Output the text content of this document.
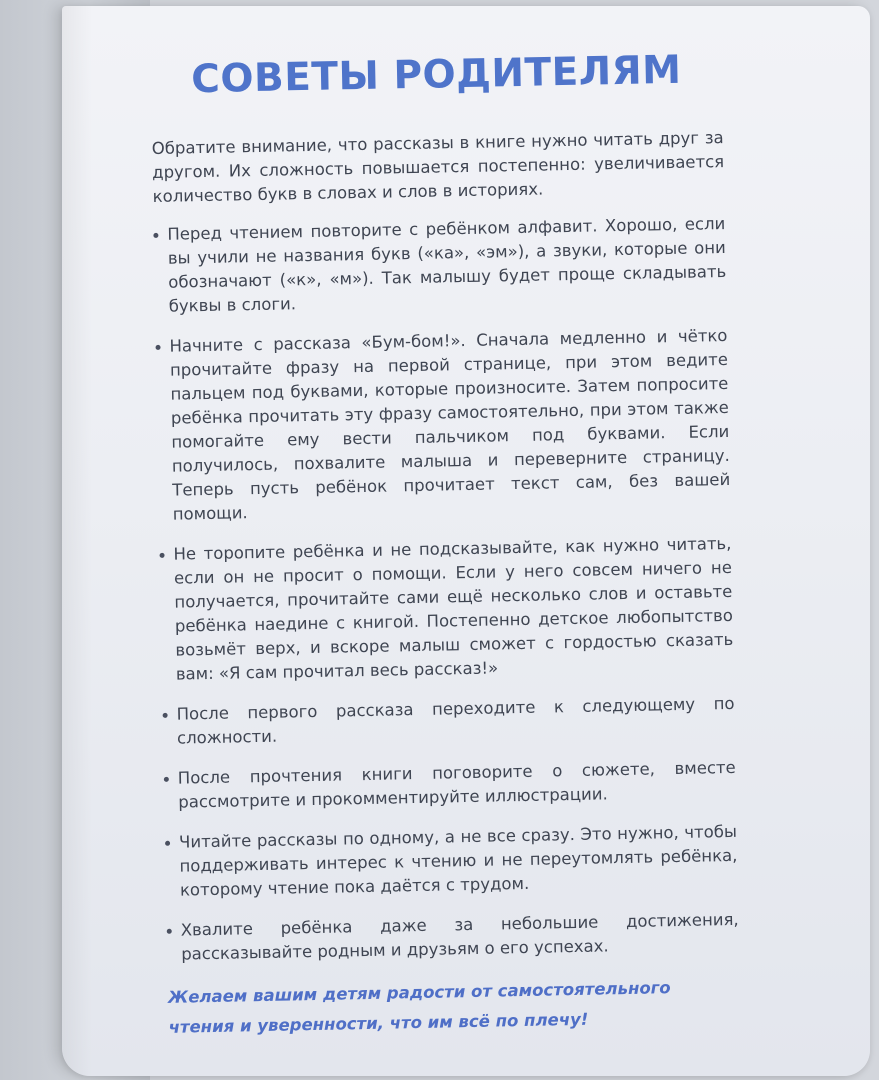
СОВЕТЫ РОДИТЕЛЯМ

Обратите внимание, что рассказы в книге нужно читать друг за другом. Их сложность повышается постепенно: увеличивается количество букв в словах и слов в историях.

Перед чтением повторите с ребёнком алфавит. Хорошо, если вы учили не названия букв («ка», «эм»), а звуки, которые они обозначают («к», «м»). Так малышу будет проще складывать буквы в слоги.
Начните с рассказа «Бум-бом!». Сначала медленно и чётко прочитайте фразу на первой странице, при этом ведите пальцем под буквами, которые произносите. Затем попросите ребёнка прочитать эту фразу самостоятельно, при этом также помогайте ему вести пальчиком под буквами. Если получилось, похвалите малыша и переверните страницу. Теперь пусть ребёнок прочитает текст сам, без вашей помощи.
Не торопите ребёнка и не подсказывайте, как нужно читать, если он не просит о помощи. Если у него совсем ничего не получается, прочитайте сами ещё несколько слов и оставьте ребёнка наедине с книгой. Постепенно детское любопытство возьмёт верх, и вскоре малыш сможет с гордостью сказать вам: «Я сам прочитал весь рассказ!»
После первого рассказа переходите к следующему по сложности.
После прочтения книги поговорите о сюжете, вместе рассмотрите и прокомментируйте иллюстрации.
Читайте рассказы по одному, а не все сразу. Это нужно, чтобы поддерживать интерес к чтению и не переутомлять ребёнка, которому чтение пока даётся с трудом.
Хвалите ребёнка даже за небольшие достижения, рассказывайте родным и друзьям о его успехах.

Желаем вашим детям радости от самостоятельного чтения и уверенности, что им всё по плечу!
